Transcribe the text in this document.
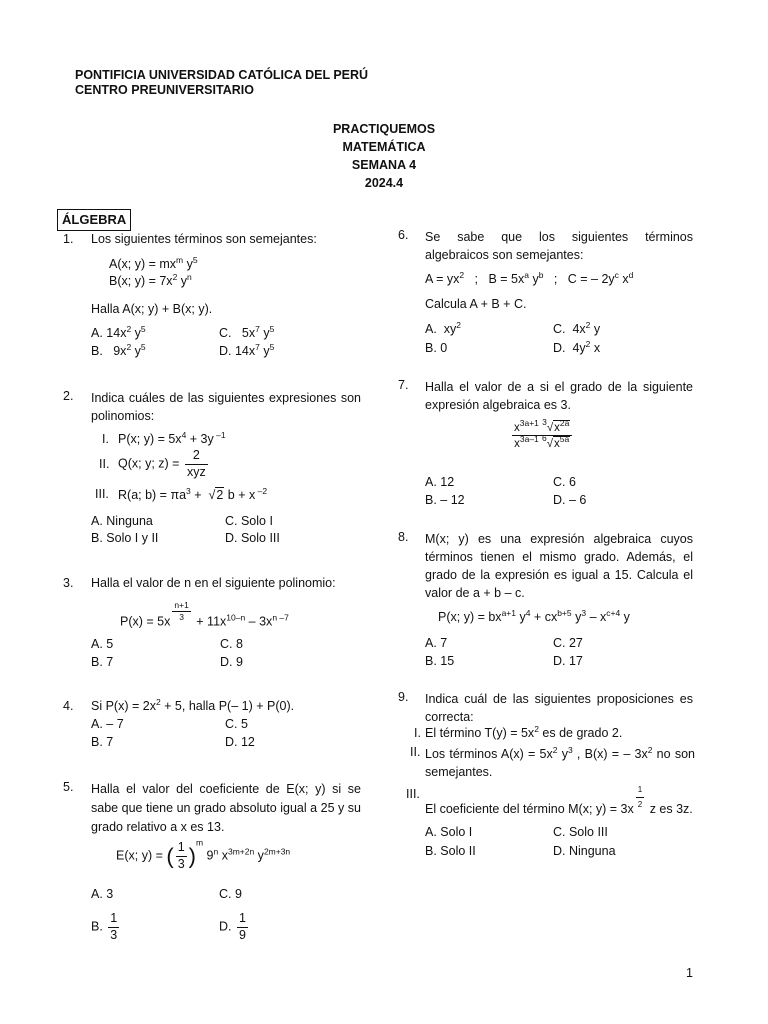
PONTIFICIA UNIVERSIDAD CATÓLICA DEL PERÚ
CENTRO PREUNIVERSITARIO
PRACTIQUEMOS
MATEMÁTICA
SEMANA 4
2024.4
ÁLGEBRA
1. Los siguientes términos son semejantes:
A(x; $y) = mx^m$ $y^5$
B(x; $y) = 7x^2$ $y^n$
Halla A(x; y) + B(x; y).
A. $14x^2$ $y^5$
B.   $9x^2$ $y^5$
C.   $5x^7$ $y^5$
D. $14x^7$ $y^5$
2. Indica cuáles de las siguientes expresiones son polinomios:
I. P(x; $y) = 5x^4 + 3y$ $^{-1}$
II. Q(x; y; $z) = \frac{2}{\text{xyz}}$
III. R(a; $b) = \pi a^3 + √2$ b + x $^{-2}$
A. Ninguna
B. Solo I y II
C. Solo I
D. Solo III
3. Halla el valor de n en el siguiente polinomio:
$P(x) = 5x \frac{n+1}{3} + 11x^{10-n} - 3x^{n -7}$
A. 5
B. 7
C. 8
D. 9
4. Si $P(x) = 2x^2 + 5$, halla P(– 1) + P(0).
A. – 7
B. 7
C. 5
D. 12
5. Halla el valor del coeficiente de E(x; y) si se sabe que tiene un grado absoluto igual a 25 y su grado relativo a x es 13.
E(x; y) = ( $\frac{1}{3} )^m$ 9$^n$ $x^{3m+2n}$ $y^{2m+3n}$
A. 3	C. 9
B. $\frac{1}{3}$	D. $\frac{1}{9}$
6. Se sabe que los siguientes términos algebraicos son semejantes:
$A = yx^2$   ;   $B = 5x^a$ $y^b$   ;   C = – $2y^c$ $x^d$
Calcula A + B + C.
A.  $xy^2$
B. 0
C.  $4x^2$ y
D.  $4y^2$ x
7. Halla el valor de a si el grado de la siguiente expresión algebraica es 3.
$\frac{x^{3a+1} ^3√x^{2a}}{x^{3a-1} ^6√x^{5a}}$
A. 12
B. – 12
C. 6
D. – 6
8. M(x; y) es una expresión algebraica cuyos términos tienen el mismo grado. Además, el grado de la expresión es igual a 15. Calcula el valor de a + b – c.
P(x; $y) = bx^{a+1}$ $y^4 + cx^{b+5}$ $y^3 - x^{c+4}$ y
A. 7
B. 15
C. 27
D. 17
9. Indica cuál de las siguientes proposiciones es correcta:
I. El término $T(y) = 5x^2$ es de grado 2.
II. Los términos $A(x) = 5x^2$ $y^3$ , B(x) = – $3x^2$ no son semejantes.
III.
El coeficiente del término M(x; $y) = 3x \frac{1}{2}$ z es 3z.
A. Solo I
B. Solo II
C. Solo III
D. Ninguna
1
